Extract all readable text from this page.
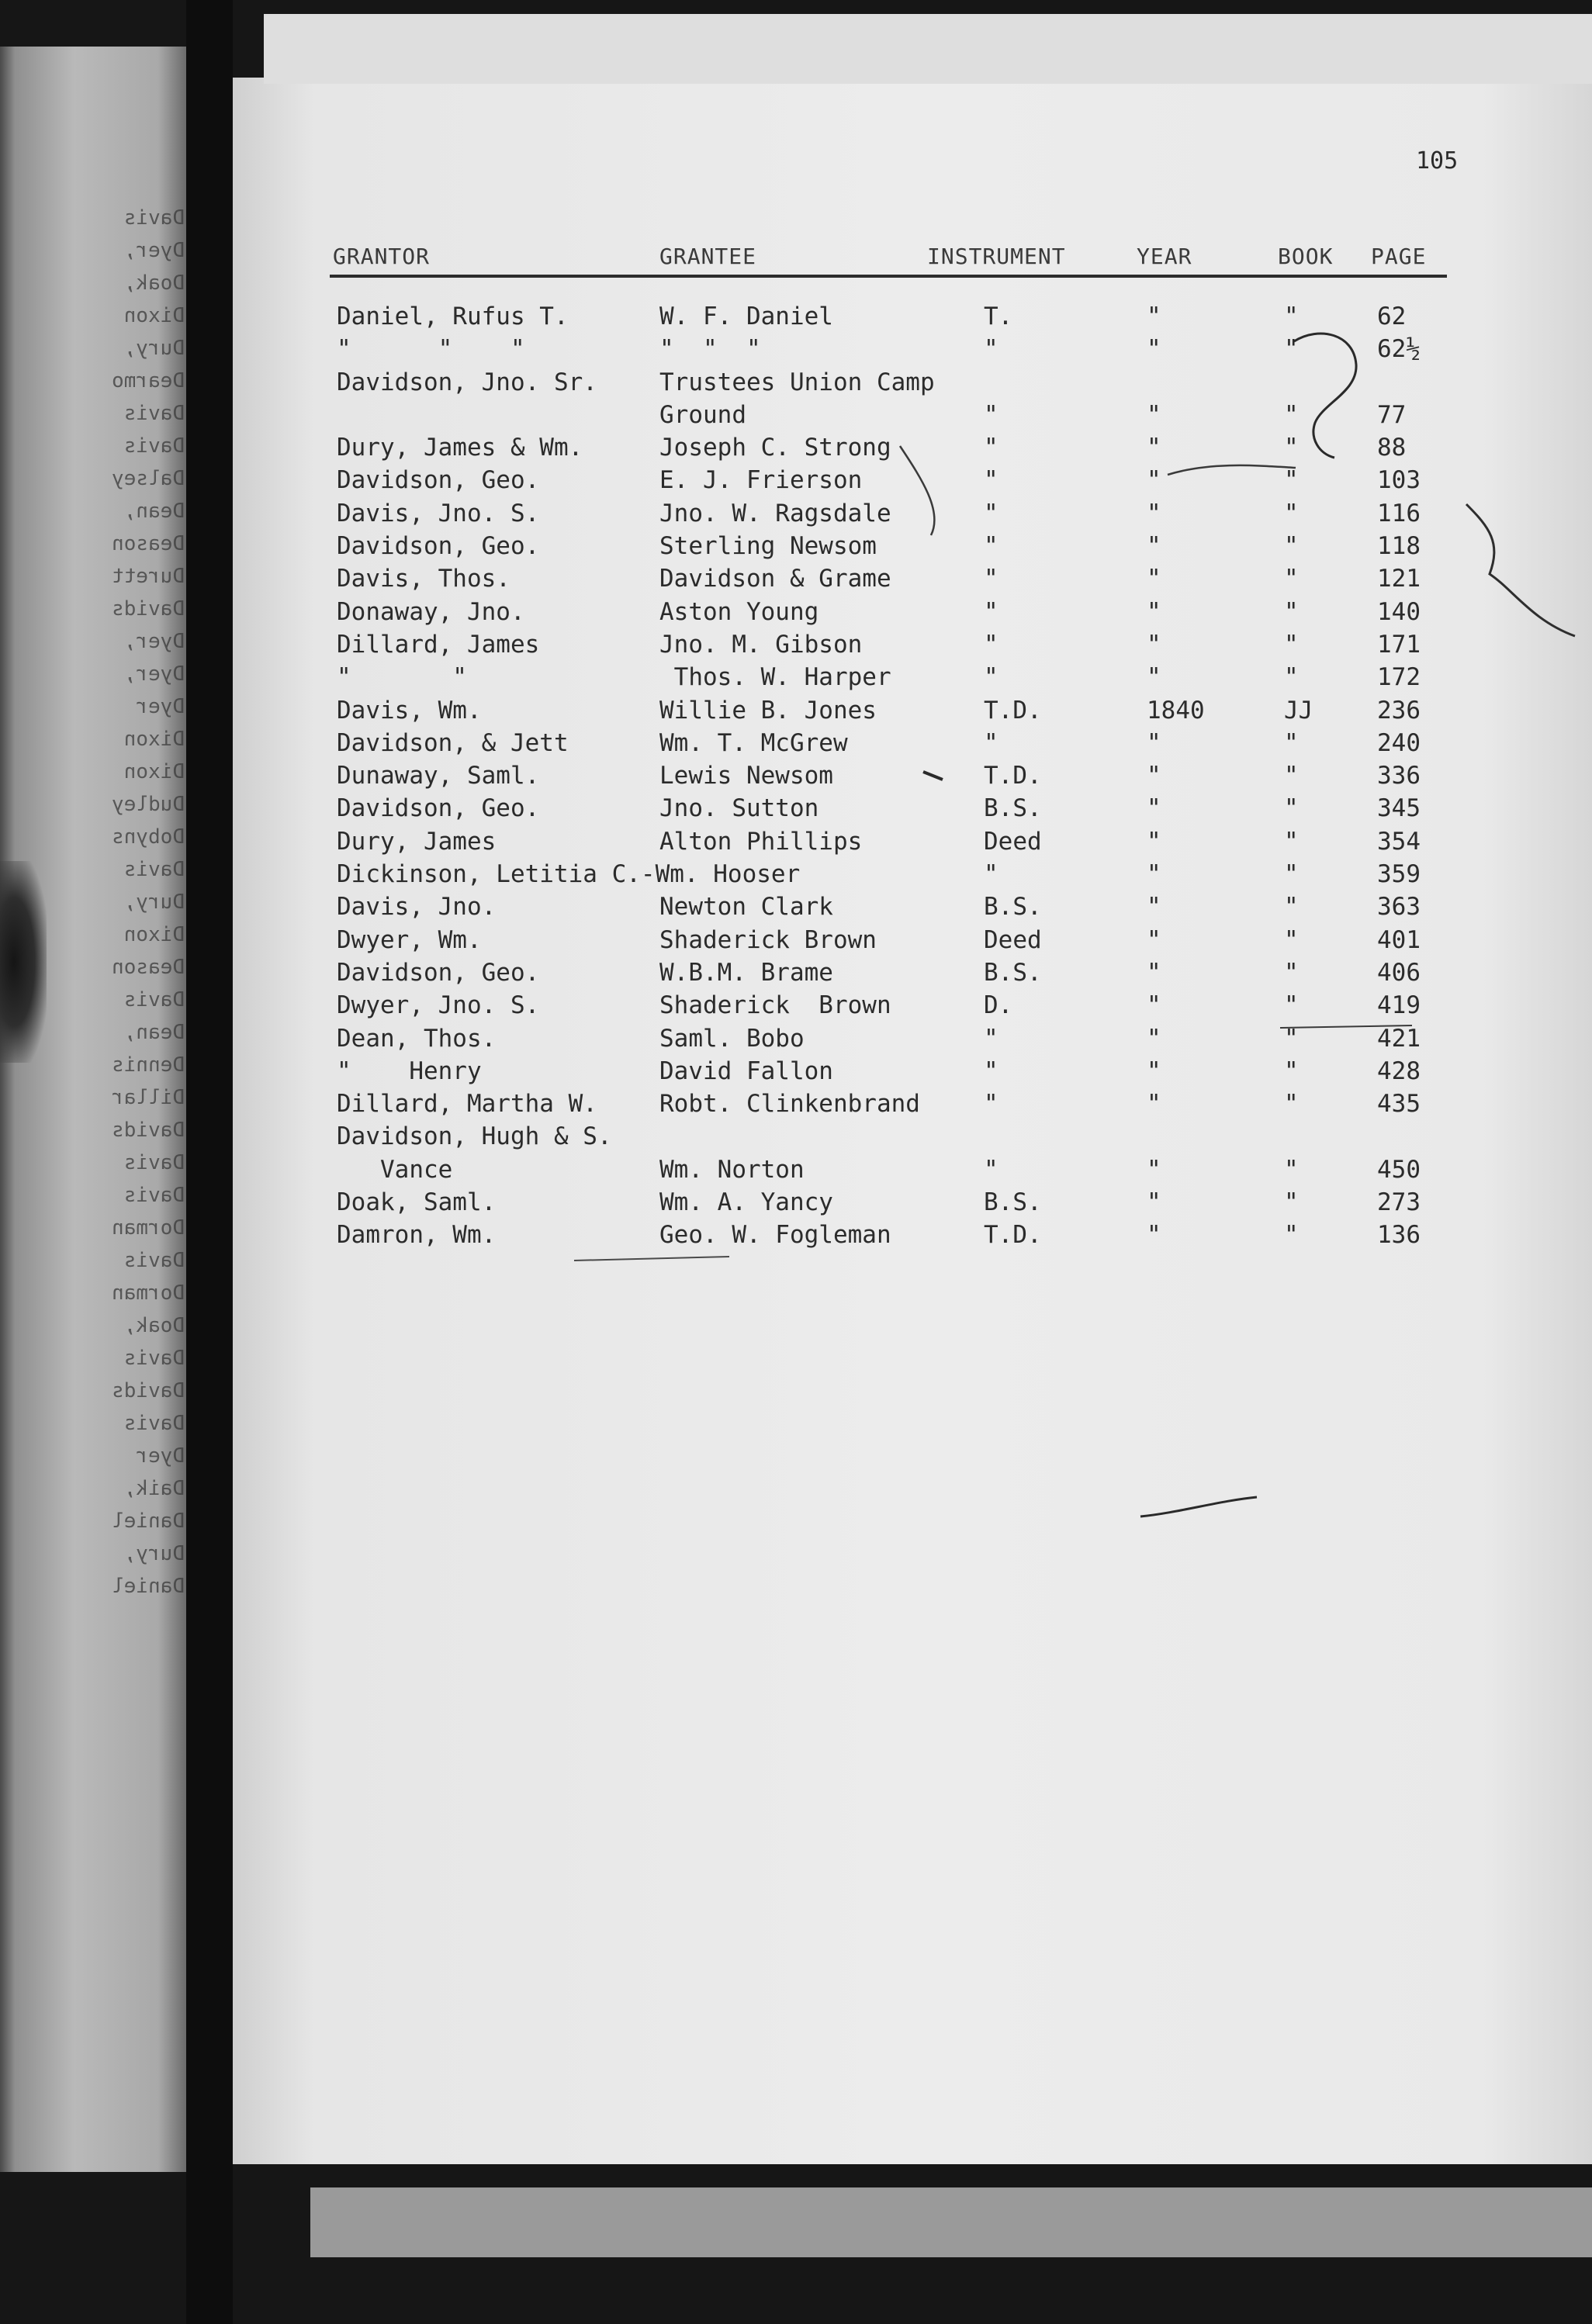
Davis
Dyer,
Doak,
Dixon
Dury,
Dearmo
Davis
Davis
Dalsey
Dean,
Deason
Durett
Davids
Dyer,
Dyer,
Dyer
Dixon
Dixon
Dudley
Dobyns
Davis
Dury,
Dixon
Deason
Davis
Dean,
Dennis
Dillar
Davids
Davis
Davis
Dorman
Davis
Dorman
Doak,
Davis
Davids
Davis
Dyer
Daik,
Daniel
Dury,
Daniel
105
GRANTOR	GRANTEE	INSTRUMENT	YEAR	BOOK PAGE
Daniel, Rufus T.	W. F. Daniel	T.	"	"	62
"      "    "	"  "  "	"	"	"	62½
Davidson, Jno. Sr.	Trustees Union Camp
Ground	"	"	"	77
Dury, James & Wm.	Joseph C. Strong	"	"	"	88
Davidson, Geo.	E. J. Frierson	"	"	"	103
Davis, Jno. S.	Jno. W. Ragsdale	"	"	"	116
Davidson, Geo.	Sterling Newsom	"	"	"	118
Davis, Thos.	Davidson & Grame	"	"	"	121
Donaway, Jno.	Aston Young	"	"	"	140
Dillard, James	Jno. M. Gibson	"	"	"	171
"       "	Thos. W. Harper	"	"	"	172
Davis, Wm.	Willie B. Jones	T.D.	1840	JJ	236
Davidson, & Jett	Wm. T. McGrew	"	"	"	240
Dunaway, Saml.	Lewis Newsom	T.D.	"	"	336
Davidson, Geo.	Jno. Sutton	B.S.	"	"	345
Dury, James	Alton Phillips	Deed	"	"	354
Dickinson, Letitia C.-Wm. Hooser	"	"	"	359
Davis, Jno.	Newton Clark	B.S.	"	"	363
Dwyer, Wm.	Shaderick Brown	Deed	"	"	401
Davidson, Geo.	W.B.M. Brame	B.S.	"	"	406
Dwyer, Jno. S.	Shaderick  Brown	D.	"	"	419
Dean, Thos.	Saml. Bobo	"	"	"	421
"    Henry	David Fallon	"	"	"	428
Dillard, Martha W.	Robt. Clinkenbrand	"	"	"	435
Davidson, Hugh & S.
Vance	Wm. Norton	"	"	"	450
Doak, Saml.	Wm. A. Yancy	B.S.	"	"	273
Damron, Wm.	Geo. W. Fogleman	T.D.	"	"	136
